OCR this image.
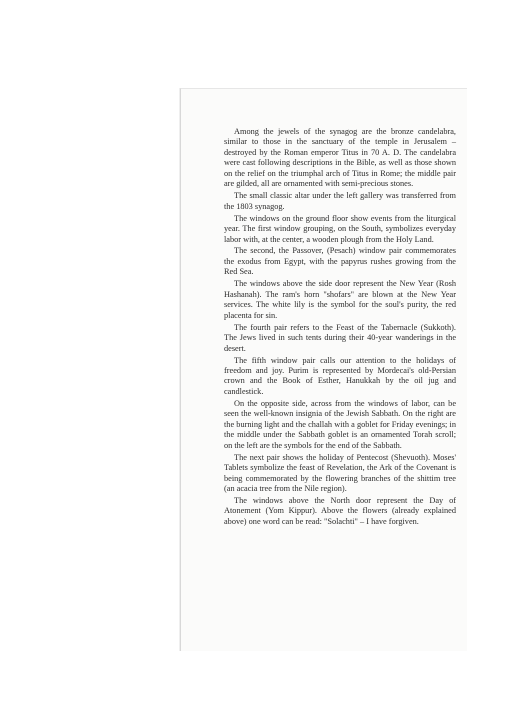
Among the jewels of the synagog are the bronze candelabra, similar to those in the sanctuary of the temple in Jerusalem – destroyed by the Roman emperor Titus in 70 A. D. The candelabra were cast following descriptions in the Bible, as well as those shown on the relief on the triumphal arch of Titus in Rome; the middle pair are gilded, all are ornamented with semi-precious stones.

The small classic altar under the left gallery was transferred from the 1803 synagog.

The windows on the ground floor show events from the liturgical year. The first window grouping, on the South, symbolizes everyday labor with, at the center, a wooden plough from the Holy Land.

The second, the Passover, (Pesach) window pair commemorates the exodus from Egypt, with the papyrus rushes growing from the Red Sea.

The windows above the side door represent the New Year (Rosh Hashanah). The ram's horn "shofars" are blown at the New Year services. The white lily is the symbol for the soul's purity, the red placenta for sin.

The fourth pair refers to the Feast of the Tabernacle (Sukkoth). The Jews lived in such tents during their 40-year wanderings in the desert.

The fifth window pair calls our attention to the holidays of freedom and joy. Purim is represented by Mordecai's old-Persian crown and the Book of Esther, Hanukkah by the oil jug and candlestick.

On the opposite side, across from the windows of labor, can be seen the well-known insignia of the Jewish Sabbath. On the right are the burning light and the challah with a goblet for Friday evenings; in the middle under the Sabbath goblet is an ornamented Torah scroll; on the left are the symbols for the end of the Sabbath.

The next pair shows the holiday of Pentecost (Shevuoth). Moses' Tablets symbolize the feast of Revelation, the Ark of the Covenant is being commemorated by the flowering branches of the shittim tree (an acacia tree from the Nile region).

The windows above the North door represent the Day of Atonement (Yom Kippur). Above the flowers (already explained above) one word can be read: "Solachti" – I have forgiven.
